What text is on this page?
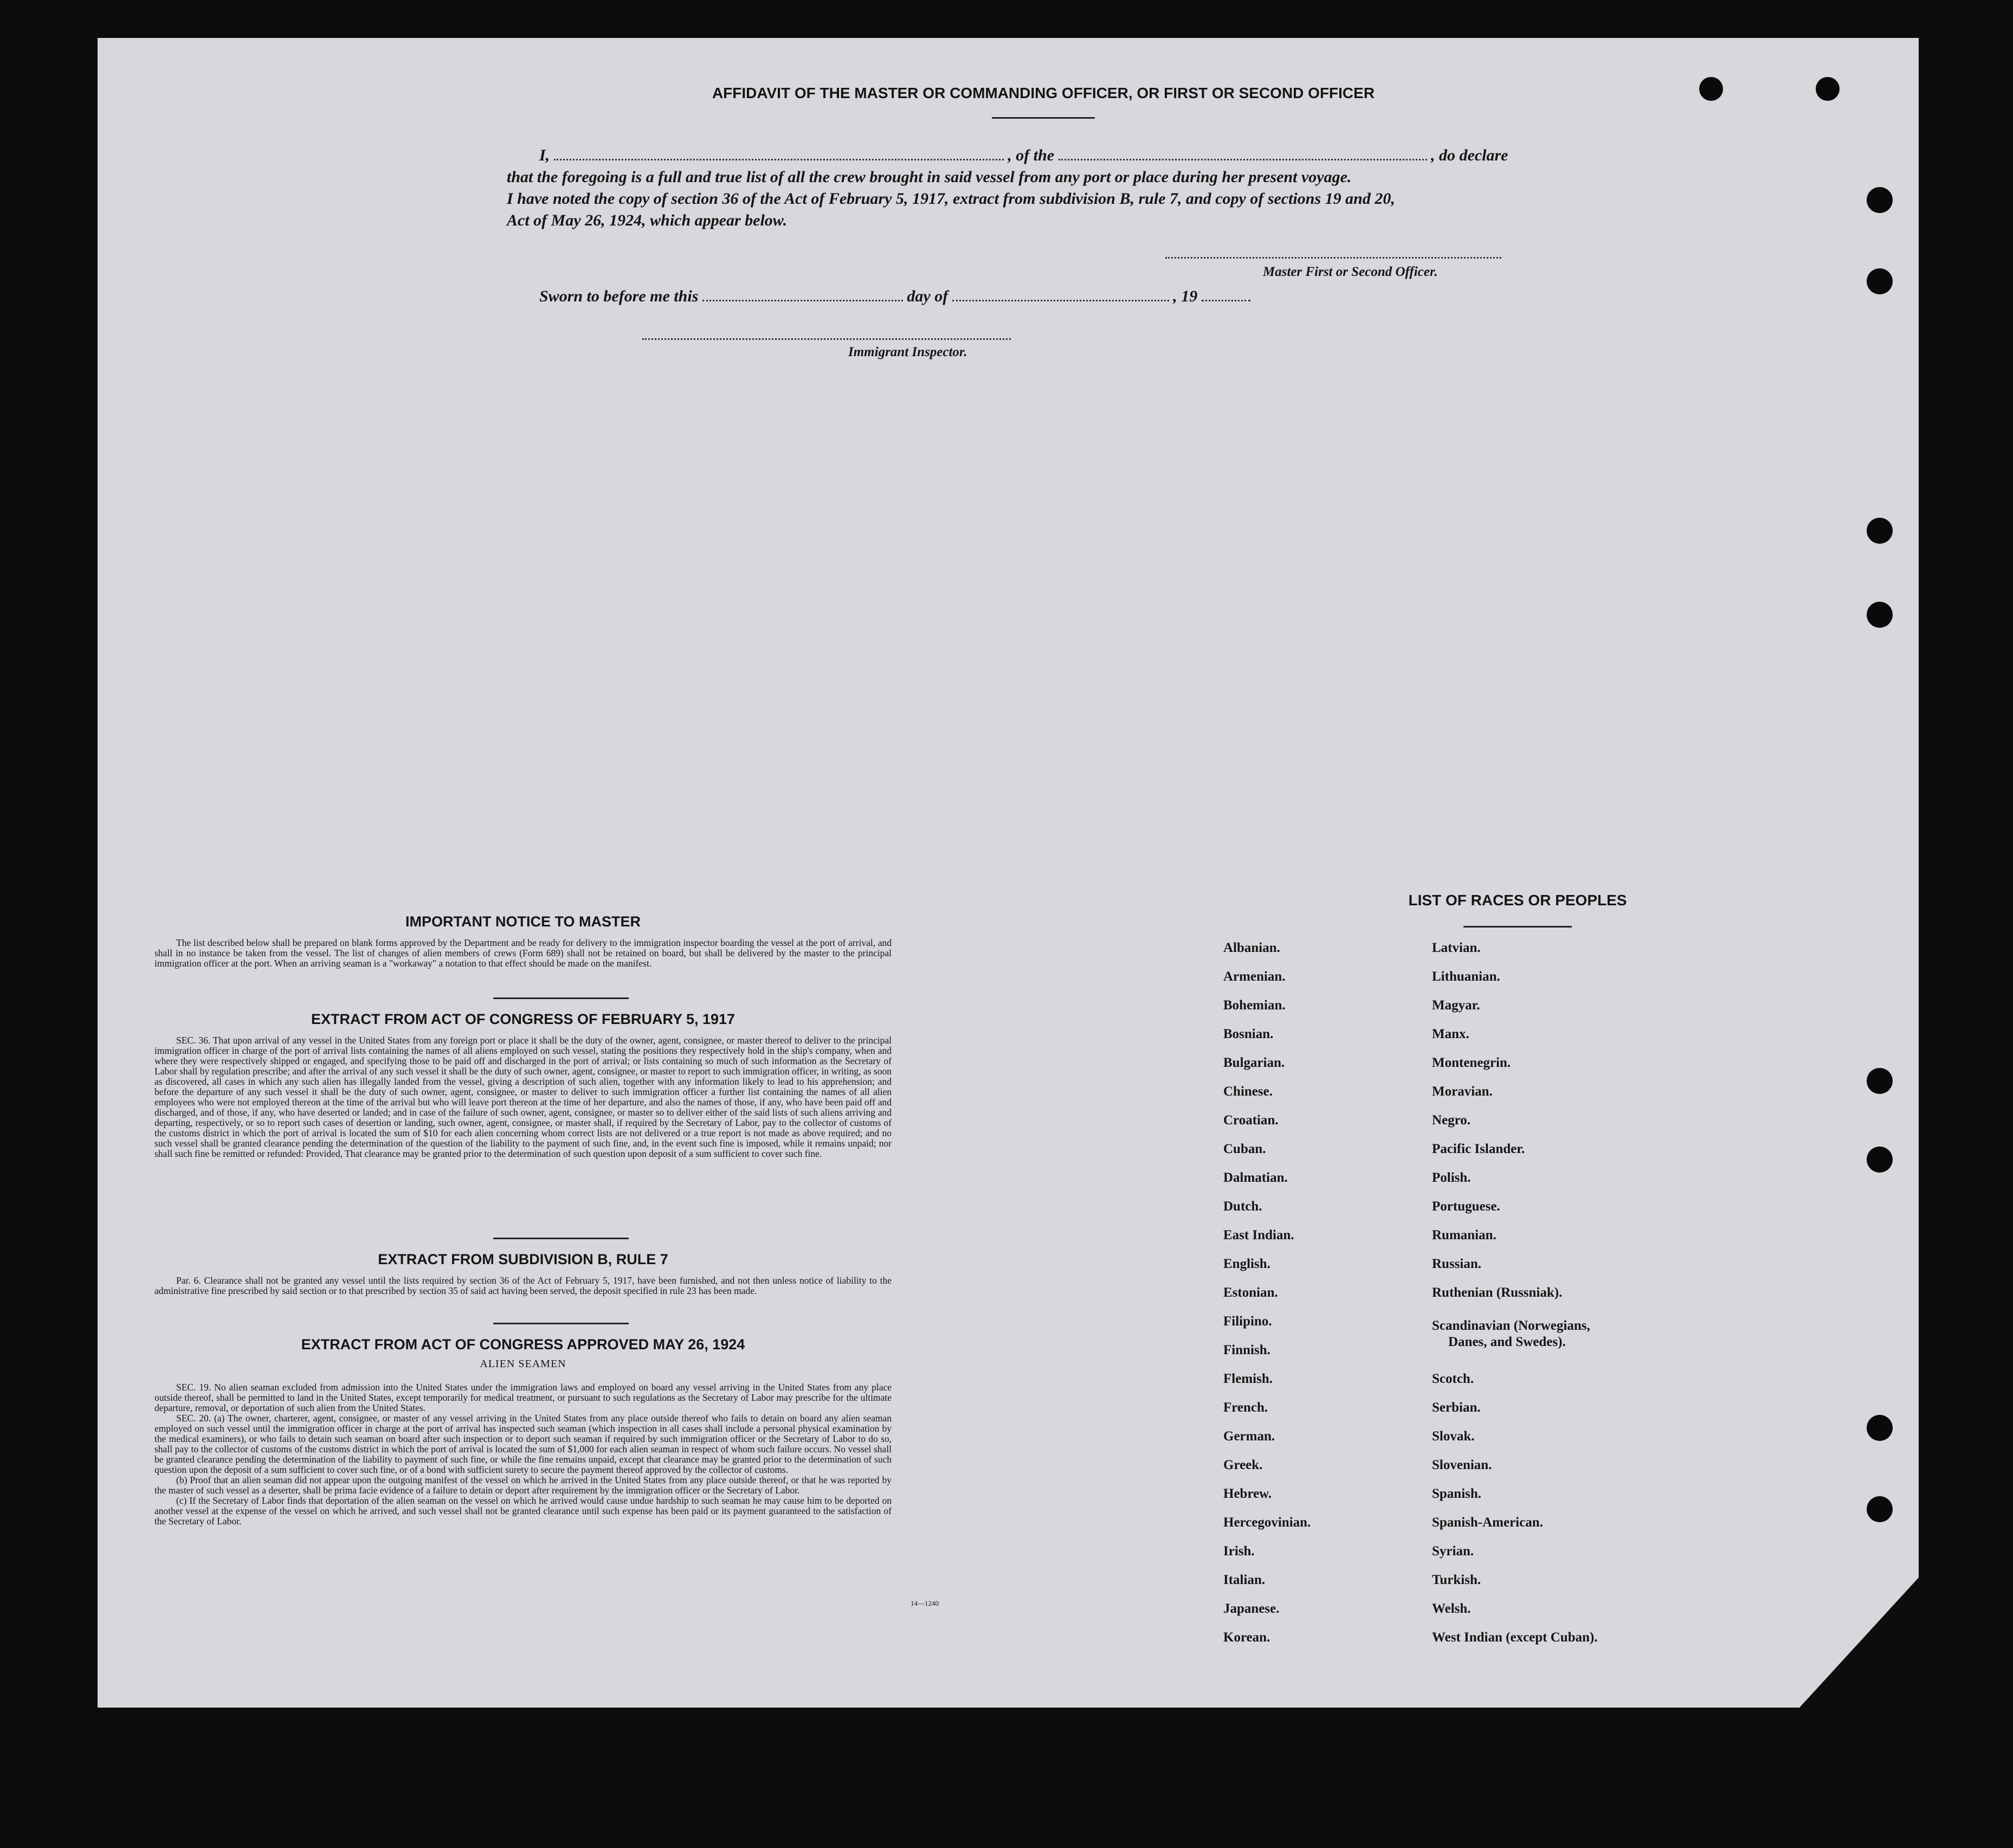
AFFIDAVIT OF THE MASTER OR COMMANDING OFFICER, OR FIRST OR SECOND OFFICER
I,	, of the	, do declare
that the foregoing is a full and true list of all the crew brought in said vessel from any port or place during her present voyage.
I have noted the copy of section 36 of the Act of February 5, 1917, extract from subdivision B, rule 7, and copy of sections 19 and 20,
Act of May 26, 1924, which appear below.
Master First or Second Officer.
Sworn to before me this	day of	, 19
Immigrant Inspector.
IMPORTANT NOTICE TO MASTER

The list described below shall be prepared on blank forms approved by the Department and be ready for delivery to the immigration inspector boarding the vessel at the port of arrival, and shall in no instance be taken from the vessel. The list of changes of alien members of crews (Form 689) shall not be retained on board, but shall be delivered by the master to the principal immigration officer at the port. When an arriving seaman is a "workaway" a notation to that effect should be made on the manifest.

EXTRACT FROM ACT OF CONGRESS OF FEBRUARY 5, 1917

SEC. 36. That upon arrival of any vessel in the United States from any foreign port or place it shall be the duty of the owner, agent, consignee, or master thereof to deliver to the principal immigration officer in charge of the port of arrival lists containing the names of all aliens employed on such vessel, stating the positions they respectively hold in the ship's company, when and where they were respectively shipped or engaged, and specifying those to be paid off and discharged in the port of arrival; or lists containing so much of such information as the Secretary of Labor shall by regulation prescribe; and after the arrival of any such vessel it shall be the duty of such owner, agent, consignee, or master to report to such immigration officer, in writing, as soon as discovered, all cases in which any such alien has illegally landed from the vessel, giving a description of such alien, together with any information likely to lead to his apprehension; and before the departure of any such vessel it shall be the duty of such owner, agent, consignee, or master to deliver to such immigration officer a further list containing the names of all alien employees who were not employed thereon at the time of the arrival but who will leave port thereon at the time of her departure, and also the names of those, if any, who have been paid off and discharged, and of those, if any, who have deserted or landed; and in case of the failure of such owner, agent, consignee, or master so to deliver either of the said lists of such aliens arriving and departing, respectively, or so to report such cases of desertion or landing, such owner, agent, consignee, or master shall, if required by the Secretary of Labor, pay to the collector of customs of the customs district in which the port of arrival is located the sum of $10 for each alien concerning whom correct lists are not delivered or a true report is not made as above required; and no such vessel shall be granted clearance pending the determination of the question of the liability to the payment of such fine, and, in the event such fine is imposed, while it remains unpaid; nor shall such fine be remitted or refunded: Provided, That clearance may be granted prior to the determination of such question upon deposit of a sum sufficient to cover such fine.

EXTRACT FROM SUBDIVISION B, RULE 7

Par. 6. Clearance shall not be granted any vessel until the lists required by section 36 of the Act of February 5, 1917, have been furnished, and not then unless notice of liability to the administrative fine prescribed by said section or to that prescribed by section 35 of said act having been served, the deposit specified in rule 23 has been made.

EXTRACT FROM ACT OF CONGRESS APPROVED MAY 26, 1924
ALIEN SEAMEN

SEC. 19. No alien seaman excluded from admission into the United States under the immigration laws and employed on board any vessel arriving in the United States from any place outside thereof, shall be permitted to land in the United States, except temporarily for medical treatment, or pursuant to such regulations as the Secretary of Labor may prescribe for the ultimate departure, removal, or deportation of such alien from the United States.

SEC. 20. (a) The owner, charterer, agent, consignee, or master of any vessel arriving in the United States from any place outside thereof who fails to detain on board any alien seaman employed on such vessel until the immigration officer in charge at the port of arrival has inspected such seaman (which inspection in all cases shall include a personal physical examination by the medical examiners), or who fails to detain such seaman on board after such inspection or to deport such seaman if required by such immigration officer or the Secretary of Labor to do so, shall pay to the collector of customs of the customs district in which the port of arrival is located the sum of $1,000 for each alien seaman in respect of whom such failure occurs. No vessel shall be granted clearance pending the determination of the liability to payment of such fine, or while the fine remains unpaid, except that clearance may be granted prior to the determination of such question upon the deposit of a sum sufficient to cover such fine, or of a bond with sufficient surety to secure the payment thereof approved by the collector of customs.

(b) Proof that an alien seaman did not appear upon the outgoing manifest of the vessel on which he arrived in the United States from any place outside thereof, or that he was reported by the master of such vessel as a deserter, shall be prima facie evidence of a failure to detain or deport after requirement by the immigration officer or the Secretary of Labor.

(c) If the Secretary of Labor finds that deportation of the alien seaman on the vessel on which he arrived would cause undue hardship to such seaman he may cause him to be deported on another vessel at the expense of the vessel on which he arrived, and such vessel shall not be granted clearance until such expense has been paid or its payment guaranteed to the satisfaction of the Secretary of Labor.

14—1240
LIST OF RACES OR PEOPLES
Albanian.
Armenian.
Bohemian.
Bosnian.
Bulgarian.
Chinese.
Croatian.
Cuban.
Dalmatian.
Dutch.
East Indian.
English.
Estonian.
Filipino.
Finnish.
Flemish.
French.
German.
Greek.
Hebrew.
Hercegovinian.
Irish.
Italian.
Japanese.
Korean.
Latvian.
Lithuanian.
Magyar.
Manx.
Montenegrin.
Moravian.
Negro.
Pacific Islander.
Polish.
Portuguese.
Rumanian.
Russian.
Ruthenian (Russniak).
Scandinavian (Norwegians,
Danes, and Swedes).
Scotch.
Serbian.
Slovak.
Slovenian.
Spanish.
Spanish-American.
Syrian.
Turkish.
Welsh.
West Indian (except Cuban).
